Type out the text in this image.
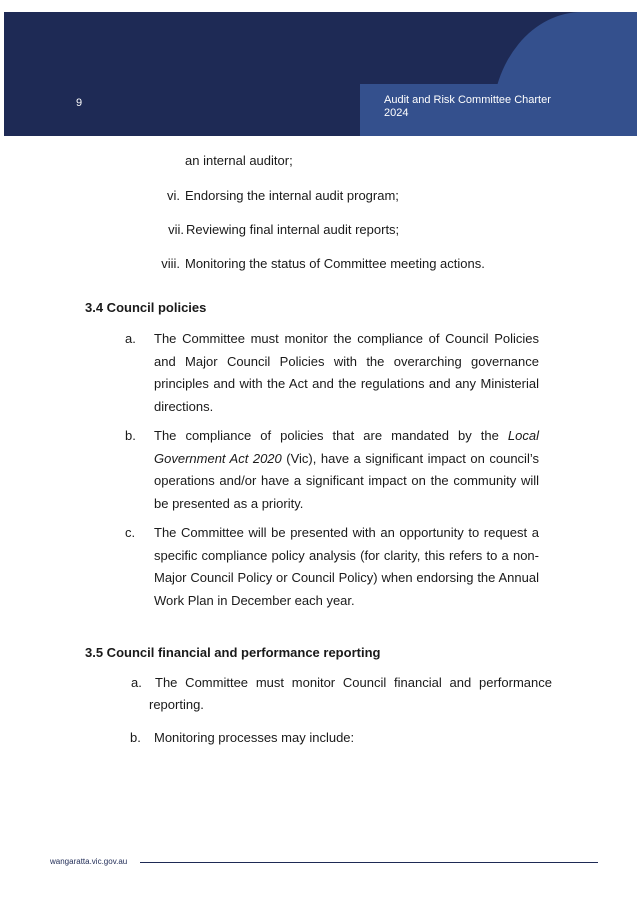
9	Audit and Risk Committee Charter
2024
an internal auditor;
vi. Endorsing the internal audit program;
vii. Reviewing final internal audit reports;
viii. Monitoring the status of Committee meeting actions.
3.4 Council policies
a. The Committee must monitor the compliance of Council Policies
and Major Council Policies with the overarching governance
principles and with the Act and the regulations and any Ministerial
directions.
b. The compliance of policies that are mandated by the Local
Government Act 2020 (Vic), have a significant impact on council’s
operations and/or have a significant impact on the community will
be presented as a priority.
c. The Committee will be presented with an opportunity to request a
specific compliance policy analysis (for clarity, this refers to a non-
Major Council Policy or Council Policy) when endorsing the Annual
Work Plan in December each year.
3.5 Council financial and performance reporting
a. The Committee must monitor Council financial and performance
reporting.
b. Monitoring processes may include:
wangaratta.vic.gov.au
